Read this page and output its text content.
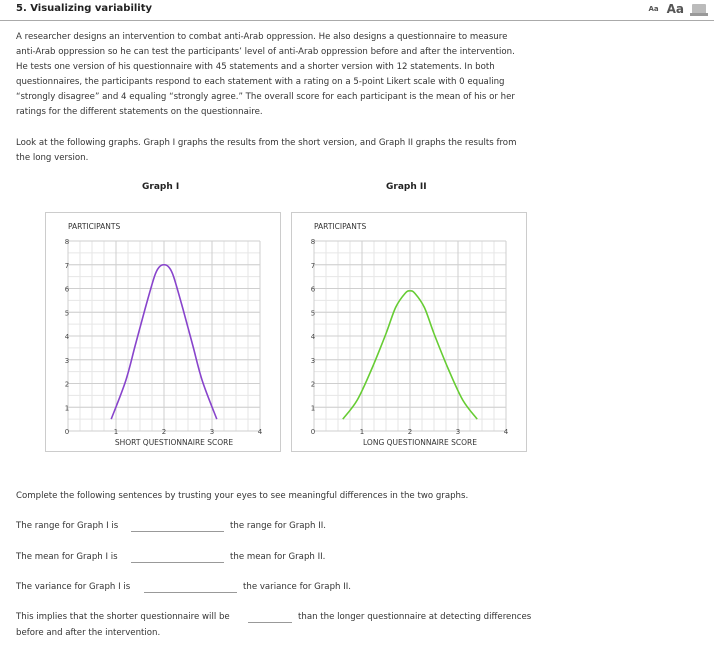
5. Visualizing variability	Aa Aa
A researcher designs an intervention to combat anti-Arab oppression. He also designs a questionnaire to measure
anti-Arab oppression so he can test the participants’ level of anti-Arab oppression before and after the intervention.
He tests one version of his questionnaire with 45 statements and a shorter version with 12 statements. In both
questionnaires, the participants respond to each statement with a rating on a 5-point Likert scale with 0 equaling
“strongly disagree” and 4 equaling “strongly agree.” The overall score for each participant is the mean of his or her
ratings for the different statements on the questionnaire.
Look at the following graphs. Graph I graphs the results from the short version, and Graph II graphs the results from
the long version.
Graph I	Graph II
0
1
2
3
4
5
6
7
8
1	2	3	4
PARTICIPANTS
SHORT QUESTIONNAIRE SCORE
0
1
2
3
4
5
6
7
8
1	2	3	4
PARTICIPANTS
LONG QUESTIONNAIRE SCORE
Complete the following sentences by trusting your eyes to see meaningful differences in the two graphs.
The range for Graph I is	the range for Graph II.
The mean for Graph I is	the mean for Graph II.
The variance for Graph I is	the variance for Graph II.
This implies that the shorter questionnaire will be	than the longer questionnaire at detecting differences
before and after the intervention.
